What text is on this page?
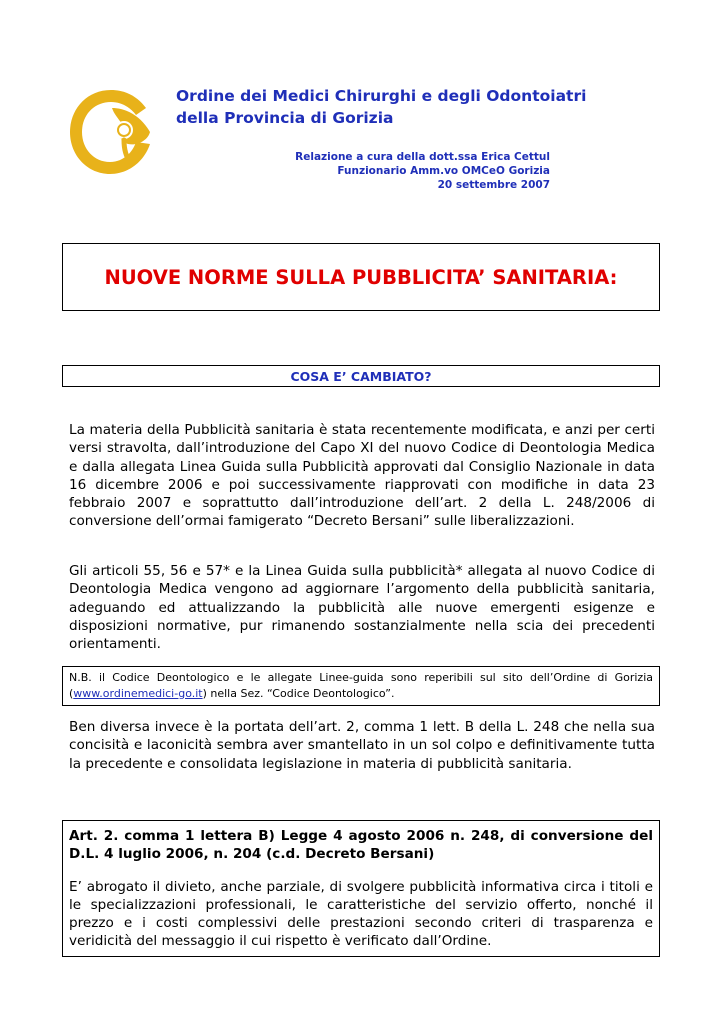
Ordine dei Medici Chirurghi e degli Odontoiatri
della Provincia di Gorizia
Relazione a cura della dott.ssa Erica Cettul
Funzionario Amm.vo OMCeO Gorizia
20 settembre 2007
NUOVE NORME SULLA PUBBLICITA’ SANITARIA:
COSA E’ CAMBIATO?
La materia della Pubblicità sanitaria è stata recentemente modificata, e anzi per certi versi stravolta, dall’introduzione del Capo XI del nuovo Codice di Deontologia Medica e dalla allegata Linea Guida sulla Pubblicità approvati dal Consiglio Nazionale in data 16 dicembre 2006 e poi successivamente riapprovati con modifiche in data 23 febbraio 2007 e soprattutto dall’introduzione dell’art. 2 della L. 248/2006 di conversione dell’ormai famigerato “Decreto Bersani” sulle liberalizzazioni.
Gli articoli 55, 56 e 57* e la Linea Guida sulla pubblicità* allegata al nuovo Codice di Deontologia Medica vengono ad aggiornare l’argomento della pubblicità sanitaria, adeguando ed attualizzando la pubblicità alle nuove emergenti esigenze e disposizioni normative, pur rimanendo sostanzialmente nella scia dei precedenti orientamenti.
N.B. il Codice Deontologico e le allegate Linee-guida sono reperibili sul sito dell’Ordine di Gorizia (www.ordinemedici-go.it) nella Sez. “Codice Deontologico”.
Ben diversa invece è la portata dell’art. 2, comma 1 lett. B della L. 248 che nella sua concisità e laconicità sembra aver smantellato in un sol colpo e definitivamente tutta la precedente e consolidata legislazione in materia di pubblicità sanitaria.
Art. 2. comma 1 lettera B) Legge 4 agosto 2006 n. 248, di conversione del D.L. 4 luglio 2006, n. 204 (c.d. Decreto Bersani)
E’ abrogato il divieto, anche parziale, di svolgere pubblicità informativa circa i titoli e le specializzazioni professionali, le caratteristiche del servizio offerto, nonché il prezzo e i costi complessivi delle prestazioni secondo criteri di trasparenza e veridicità del messaggio il cui rispetto è verificato dall’Ordine.
